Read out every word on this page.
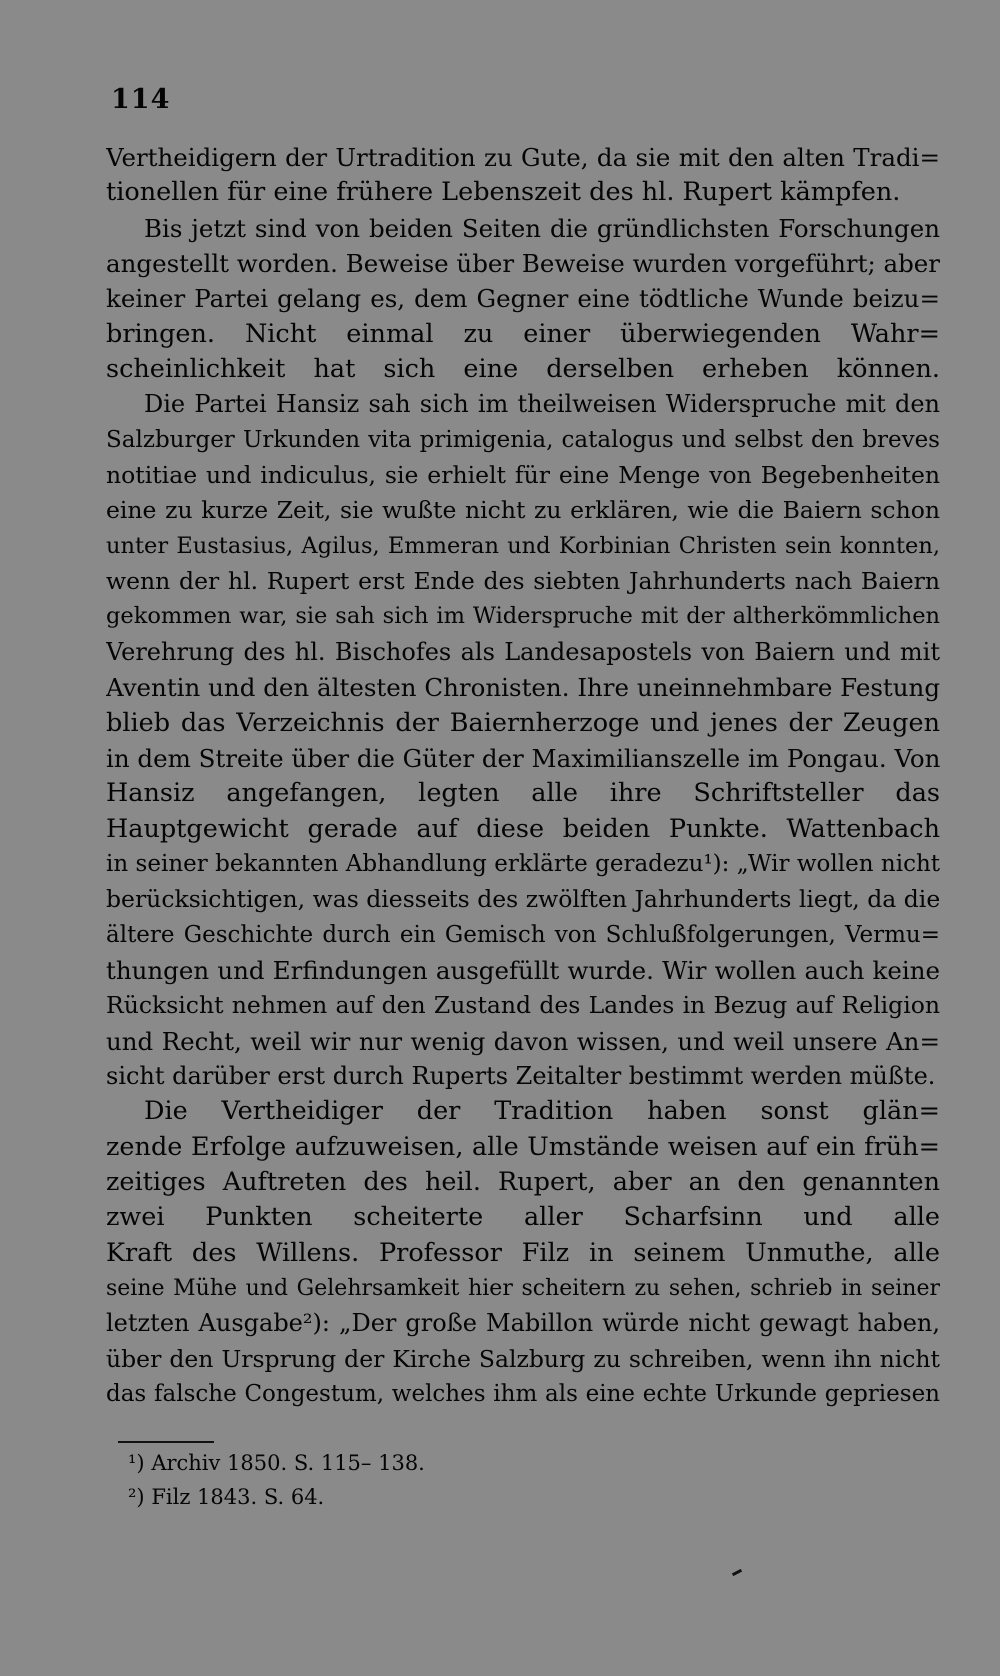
114
Vertheidigern der Urtradition zu Gute, da sie mit den alten Tradi=
tionellen für eine frühere Lebenszeit des hl. Rupert kämpfen.
Bis jetzt sind von beiden Seiten die gründlichsten Forschungen
angestellt worden. Beweise über Beweise wurden vorgeführt; aber
keiner Partei gelang es, dem Gegner eine tödtliche Wunde beizu=
bringen. Nicht einmal zu einer überwiegenden Wahr=
scheinlichkeit hat sich eine derselben erheben können.
Die Partei Hansiz sah sich im theilweisen Widerspruche mit den
Salzburger Urkunden vita primigenia, catalogus und selbst den breves
notitiae und indiculus, sie erhielt für eine Menge von Begebenheiten
eine zu kurze Zeit, sie wußte nicht zu erklären, wie die Baiern schon
unter Eustasius, Agilus, Emmeran und Korbinian Christen sein konnten,
wenn der hl. Rupert erst Ende des siebten Jahrhunderts nach Baiern
gekommen war, sie sah sich im Widerspruche mit der altherkömmlichen
Verehrung des hl. Bischofes als Landesapostels von Baiern und mit
Aventin und den ältesten Chronisten. Ihre uneinnehmbare Festung
blieb das Verzeichnis der Baiernherzoge und jenes der Zeugen
in dem Streite über die Güter der Maximilianszelle im Pongau. Von
Hansiz angefangen, legten alle ihre Schriftsteller das
Hauptgewicht gerade auf diese beiden Punkte. Wattenbach
in seiner bekannten Abhandlung erklärte geradezu¹): „Wir wollen nicht
berücksichtigen, was diesseits des zwölften Jahrhunderts liegt, da die
ältere Geschichte durch ein Gemisch von Schlußfolgerungen, Vermu=
thungen und Erfindungen ausgefüllt wurde. Wir wollen auch keine
Rücksicht nehmen auf den Zustand des Landes in Bezug auf Religion
und Recht, weil wir nur wenig davon wissen, und weil unsere An=
sicht darüber erst durch Ruperts Zeitalter bestimmt werden müßte.
Die Vertheidiger der Tradition haben sonst glän=
zende Erfolge aufzuweisen, alle Umstände weisen auf ein früh=
zeitiges Auftreten des heil. Rupert, aber an den genannten
zwei Punkten scheiterte aller Scharfsinn und alle
Kraft des Willens. Professor Filz in seinem Unmuthe, alle
seine Mühe und Gelehrsamkeit hier scheitern zu sehen, schrieb in seiner
letzten Ausgabe²): „Der große Mabillon würde nicht gewagt haben,
über den Ursprung der Kirche Salzburg zu schreiben, wenn ihn nicht
das falsche Congestum, welches ihm als eine echte Urkunde gepriesen
¹) Archiv 1850. S. 115– 138.
²) Filz 1843. S. 64.
